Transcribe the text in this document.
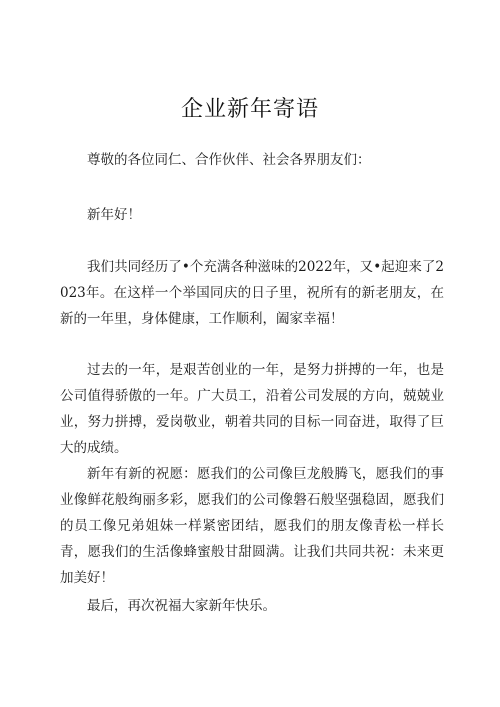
企业新年寄语

尊敬的各位同仁、合作伙伴、社会各界朋友们：

新年好！

我们共同经历了•个充满各种滋味的2022年，又•起迎来了2023年。在这样一个举国同庆的日子里，祝所有的新老朋友，在新的一年里，身体健康，工作顺利，阖家幸福！

过去的一年，是艰苦创业的一年，是努力拼搏的一年，也是公司值得骄傲的一年。广大员工，沿着公司发展的方向，兢兢业业，努力拼搏，爱岗敬业，朝着共同的目标一同奋进，取得了巨大的成绩。

新年有新的祝愿：愿我们的公司像巨龙般腾飞，愿我们的事业像鲜花般绚丽多彩，愿我们的公司像磐石般坚强稳固，愿我们的员工像兄弟姐妹一样紧密团结，愿我们的朋友像青松一样长青，愿我们的生活像蜂蜜般甘甜圆满。让我们共同共祝：未来更加美好！

最后，再次祝福大家新年快乐。
